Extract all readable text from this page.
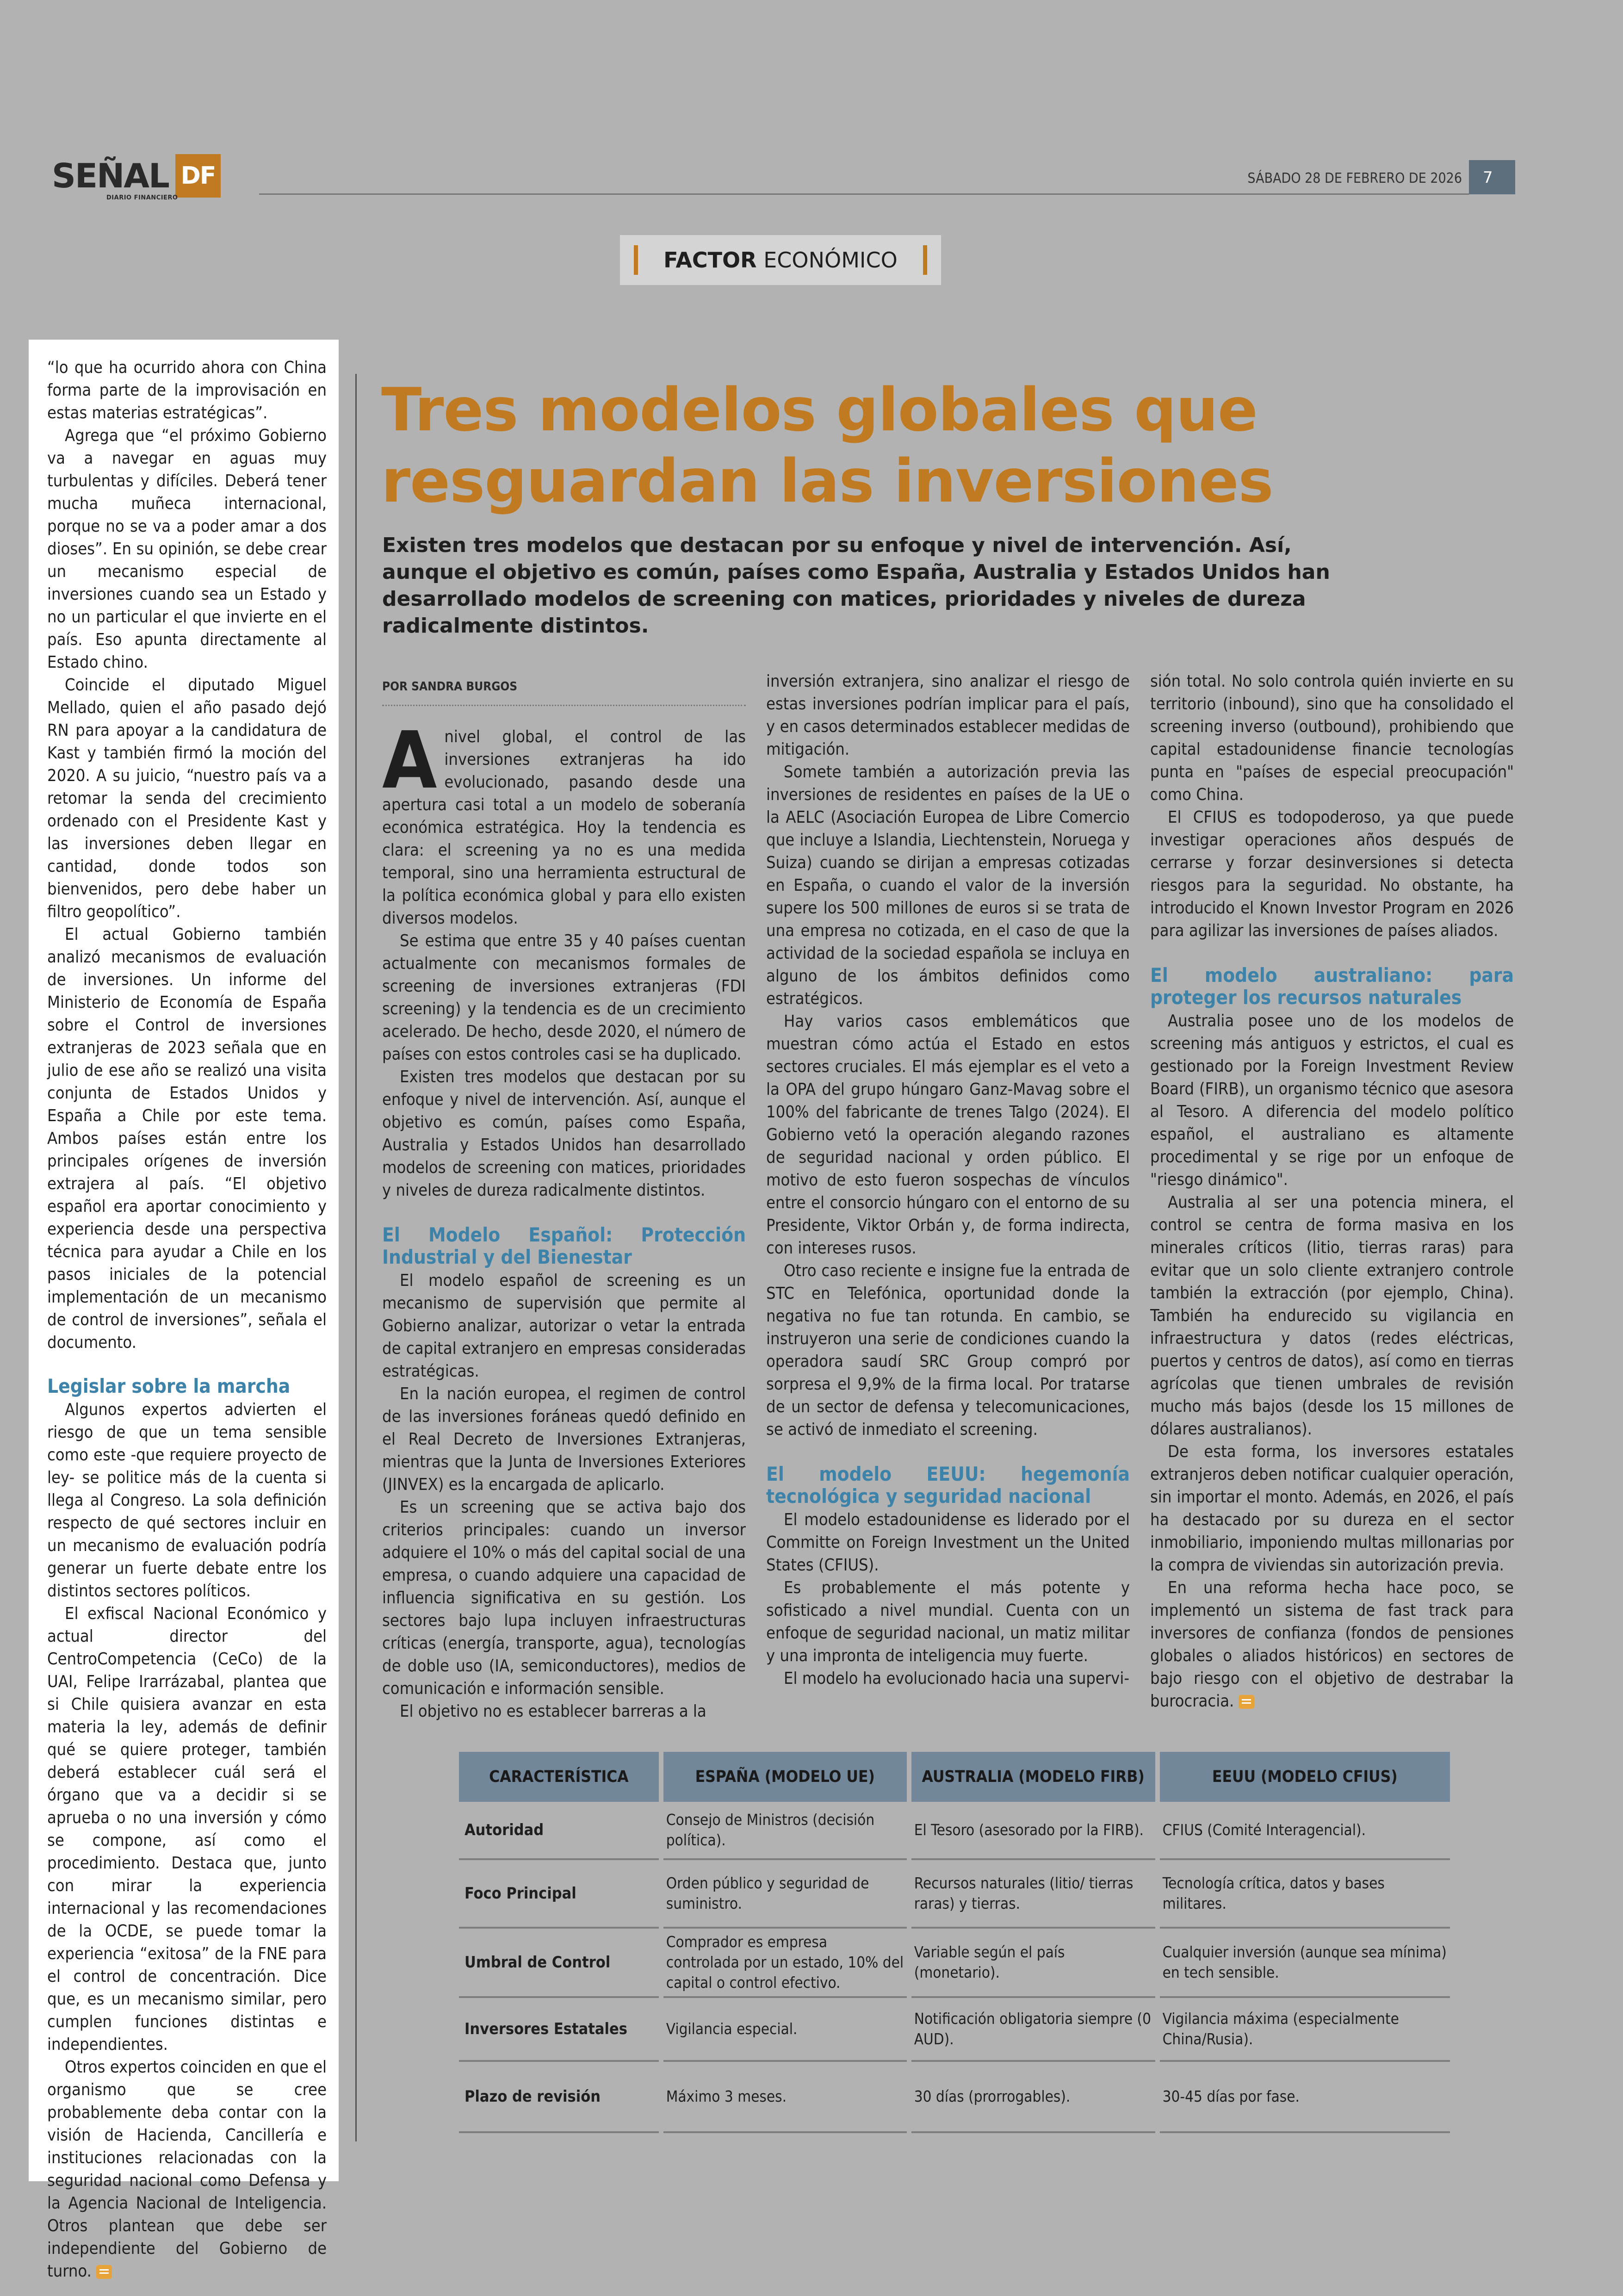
SEÑAL
DIARIO FINANCIERO
DF	SÁBADO 28 DE FEBRERO DE 2026	7
FACTOR ECONÓMICO

“lo que ha ocurrido ahora con China forma parte de la improvisación en estas materias estratégicas”.

Agrega que “el próximo Gobierno va a navegar en aguas muy turbulentas y difíciles. Deberá tener mucha muñeca internacional, porque no se va a poder amar a dos dioses”. En su opinión, se debe crear un mecanismo especial de inversiones cuando sea un Estado y no un particular el que invierte en el país. Eso apunta directamente al Estado chino.

Coincide el diputado Miguel Mellado, quien el año pasado dejó RN para apoyar a la candidatura de Kast y también firmó la moción del 2020. A su juicio, “nuestro país va a retomar la senda del crecimiento ordenado con el Presidente Kast y las inversiones deben llegar en cantidad, donde todos son bienvenidos, pero debe haber un filtro geopolítico”.

El actual Gobierno también analizó mecanismos de evaluación de inversiones. Un informe del Ministerio de Economía de España sobre el Control de inversiones extranjeras de 2023 señala que en julio de ese año se realizó una visita conjunta de Estados Unidos y España a Chile por este tema. Ambos países están entre los principales orígenes de inversión extrajera al país. “El objetivo español era aportar conocimiento y experiencia desde una perspectiva técnica para ayudar a Chile en los pasos iniciales de la potencial implementación de un mecanismo de control de inversiones”, señala el documento.

Legislar sobre la marcha

Algunos expertos advierten el riesgo de que un tema sensible como este -que requiere proyecto de ley- se politice más de la cuenta si llega al Congreso. La sola definición respecto de qué sectores incluir en un mecanismo de evaluación podría generar un fuerte debate entre los distintos sectores políticos.

El exfiscal Nacional Económico y actual director del CentroCompetencia (CeCo) de la UAI, Felipe Irarrázabal, plantea que si Chile quisiera avanzar en esta materia la ley, además de definir qué se quiere proteger, también deberá establecer cuál será el órgano que va a decidir si se aprueba o no una inversión y cómo se compone, así como el procedimiento. Destaca que, junto con mirar la experiencia internacional y las recomendaciones de la OCDE, se puede tomar la experiencia “exitosa” de la FNE para el control de concentración. Dice que, es un mecanismo similar, pero cumplen funciones distintas e independientes.

Otros expertos coinciden en que el organismo que se cree probablemente deba contar con la visión de Hacienda, Cancillería e instituciones relacionadas con la seguridad nacional como Defensa y la Agencia Nacional de Inteligencia. Otros plantean que debe ser independiente del Gobierno de turno.

Tres modelos globales que
resguardan las inversiones
Existen tres modelos que destacan por su enfoque y nivel de intervención. Así, aunque el objetivo es común, países como España, Australia y Estados Unidos han desarrollado modelos de screening con matices, prioridades y niveles de dureza radicalmente distintos.
POR SANDRA BURGOS

Anivel global, el control de las inversiones extranjeras ha ido evolucionado, pasando desde una apertura casi total a un modelo de soberanía económica estratégica. Hoy la tendencia es clara: el screening ya no es una medida temporal, sino una herramienta estructural de la política económica global y para ello existen diversos modelos.

Se estima que entre 35 y 40 países cuentan actualmente con mecanismos formales de screening de inversiones extranjeras (FDI screening) y la tendencia es de un crecimiento acelerado. De hecho, desde 2020, el número de países con estos controles casi se ha duplicado.

Existen tres modelos que destacan por su enfoque y nivel de intervención. Así, aunque el objetivo es común, países como España, Australia y Estados Unidos han desarrollado modelos de screening con matices, prioridades y niveles de dureza radicalmente distintos.

El Modelo Español: Protección Industrial y del Bienestar

El modelo español de screening es un mecanismo de supervisión que permite al Gobierno analizar, autorizar o vetar la entrada de capital extranjero en empresas consideradas estratégicas.

En la nación europea, el regimen de control de las inversiones foráneas quedó definido en el Real Decreto de Inversiones Extranjeras, mientras que la Junta de Inversiones Exteriores (JINVEX) es la encargada de aplicarlo.

Es un screening que se activa bajo dos criterios principales: cuando un inversor adquiere el 10% o más del capital social de una empresa, o cuando adquiere una capacidad de influencia significativa en su gestión. Los sectores bajo lupa incluyen infraestructuras críticas (energía, transporte, agua), tecnologías de doble uso (IA, semiconductores), medios de comunicación e información sensible.

El objetivo no es establecer barreras a la

inversión extranjera, sino analizar el riesgo de estas inversiones podrían implicar para el país, y en casos determinados establecer medidas de mitigación.

Somete también a autorización previa las inversiones de residentes en países de la UE o la AELC (Asociación Europea de Libre Comercio que incluye a Islandia, Liechtenstein, Noruega y Suiza) cuando se dirijan a empresas cotizadas en España, o cuando el valor de la inversión supere los 500 millones de euros si se trata de una empresa no cotizada, en el caso de que la actividad de la sociedad española se incluya en alguno de los ámbitos definidos como estratégicos.

Hay varios casos emblemáticos que muestran cómo actúa el Estado en estos sectores cruciales. El más ejemplar es el veto a la OPA del grupo húngaro Ganz-Mavag sobre el 100% del fabricante de trenes Talgo (2024). El Gobierno vetó la operación alegando razones de seguridad nacional y orden público. El motivo de esto fueron sospechas de vínculos entre el consorcio húngaro con el entorno de su Presidente, Viktor Orbán y, de forma indirecta, con intereses rusos.

Otro caso reciente e insigne fue la entrada de STC en Telefónica, oportunidad donde la negativa no fue tan rotunda. En cambio, se instruyeron una serie de condiciones cuando la operadora saudí SRC Group compró por sorpresa el 9,9% de la firma local. Por tratarse de un sector de defensa y telecomunicaciones, se activó de inmediato el screening.

El modelo EEUU: hegemonía tecnológica y seguridad nacional

El modelo estadounidense es liderado por el Committe on Foreign Investment un the United States (CFIUS).

Es probablemente el más potente y sofisticado a nivel mundial. Cuenta con un enfoque de seguridad nacional, un matiz militar y una impronta de inteligencia muy fuerte.

El modelo ha evolucionado hacia una supervi-

sión total. No solo controla quién invierte en su territorio (inbound), sino que ha consolidado el screening inverso (outbound), prohibiendo que capital estadounidense financie tecnologías punta en "países de especial preocupación" como China.

El CFIUS es todopoderoso, ya que puede investigar operaciones años después de cerrarse y forzar desinversiones si detecta riesgos para la seguridad. No obstante, ha introducido el Known Investor Program en 2026 para agilizar las inversiones de países aliados.

El modelo australiano: para proteger los recursos naturales

Australia posee uno de los modelos de screening más antiguos y estrictos, el cual es gestionado por la Foreign Investment Review Board (FIRB), un organismo técnico que asesora al Tesoro. A diferencia del modelo político español, el australiano es altamente procedimental y se rige por un enfoque de "riesgo dinámico".

Australia al ser una potencia minera, el control se centra de forma masiva en los minerales críticos (litio, tierras raras) para evitar que un solo cliente extranjero controle también la extracción (por ejemplo, China). También ha endurecido su vigilancia en infraestructura y datos (redes eléctricas, puertos y centros de datos), así como en tierras agrícolas que tienen umbrales de revisión mucho más bajos (desde los 15 millones de dólares australianos).

De esta forma, los inversores estatales extranjeros deben notificar cualquier operación, sin importar el monto. Además, en 2026, el país ha destacado por su dureza en el sector inmobiliario, imponiendo multas millonarias por la compra de viviendas sin autorización previa.

En una reforma hecha hace poco, se implementó un sistema de fast track para inversores de confianza (fondos de pensiones globales o aliados históricos) en sectores de bajo riesgo con el objetivo de destrabar la burocracia.

CARACTERÍSTICA	ESPAÑA (MODELO UE)	AUSTRALIA (MODELO FIRB)	EEUU (MODELO CFIUS)
Autoridad	Consejo de Ministros (decisión política).	El Tesoro (asesorado por la FIRB).	CFIUS (Comité Interagencial).
Foco Principal	Orden público y seguridad de suministro.	Recursos naturales (litio/ tierras raras) y tierras.	Tecnología crítica, datos y bases militares.
Umbral de Control	Comprador es empresa controlada por un estado, 10% del capital o control efectivo.	Variable según el país (monetario).	Cualquier inversión (aunque sea mínima) en tech sensible.
Inversores Estatales	Vigilancia especial.	Notificación obligatoria siempre (0 AUD).	Vigilancia máxima (especialmente China/Rusia).
Plazo de revisión	Máximo 3 meses.	30 días (prorrogables).	30-45 días por fase.
